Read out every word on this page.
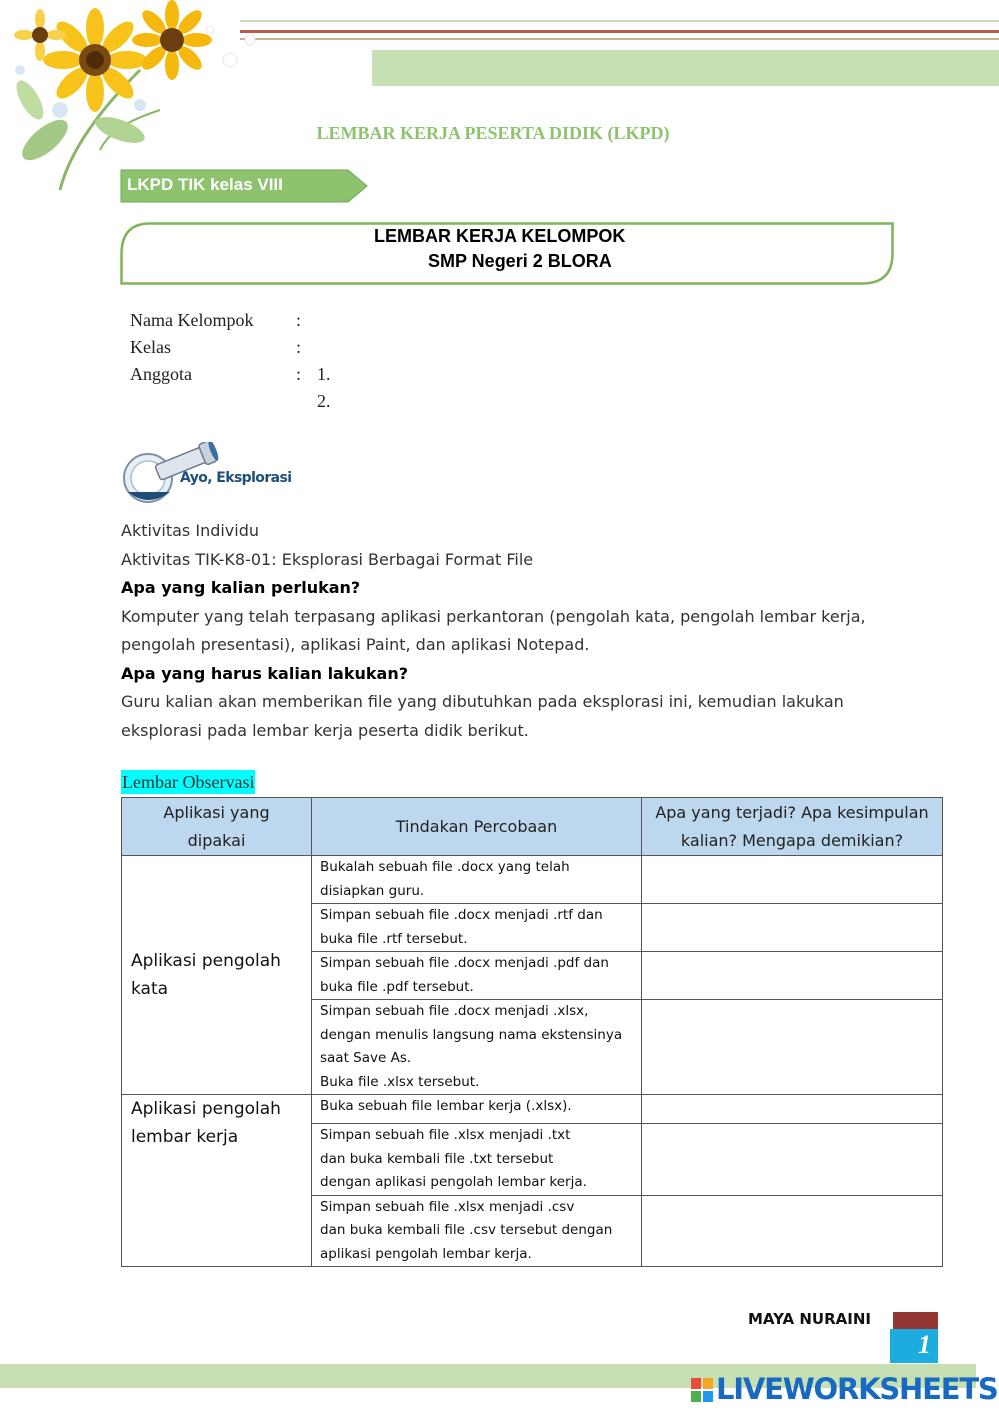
LEMBAR KERJA PESERTA DIDIK (LKPD)
LKPD TIK kelas VIII
LEMBAR KERJA KELOMPOK
SMP Negeri 2 BLORA
Nama Kelompok :
Kelas	:
Anggota	: 1.
2.
Ayo, Eksplorasi

Aktivitas Individu

Aktivitas TIK-K8-01: Eksplorasi Berbagai Format File

Apa yang kalian perlukan?

Komputer yang telah terpasang aplikasi perkantoran (pengolah kata, pengolah lembar kerja,

pengolah presentasi), aplikasi Paint, dan aplikasi Notepad.

Apa yang harus kalian lakukan?

Guru kalian akan memberikan file yang dibutuhkan pada eksplorasi ini, kemudian lakukan

eksplorasi pada lembar kerja peserta didik berikut.

Lembar Observasi
Aplikasi yang
dipakai	Tindakan Percobaan	Apa yang terjadi? Apa kesimpulan
kalian? Mengapa demikian?

Aplikasi pengolah
kata	Bukalah sebuah file .docx yang telah
disiapkan guru.	

	Simpan sebuah file .docx menjadi .rtf dan
buka file .rtf tersebut.	

	Simpan sebuah file .docx menjadi .pdf dan
buka file .pdf tersebut.	

	Simpan sebuah file .docx menjadi .xlsx,
dengan menulis langsung nama ekstensinya
saat Save As.
Buka file .xlsx tersebut.	

Aplikasi pengolah
lembar kerja	Buka sebuah file lembar kerja (.xlsx).	

	Simpan sebuah file .xlsx menjadi .txt
dan buka kembali file .txt tersebut
dengan aplikasi pengolah lembar kerja.	

	Simpan sebuah file .xlsx menjadi .csv
dan buka kembali file .csv tersebut dengan
aplikasi pengolah lembar kerja.	

MAYA NURAINI
1
LIVEWORKSHEETS
